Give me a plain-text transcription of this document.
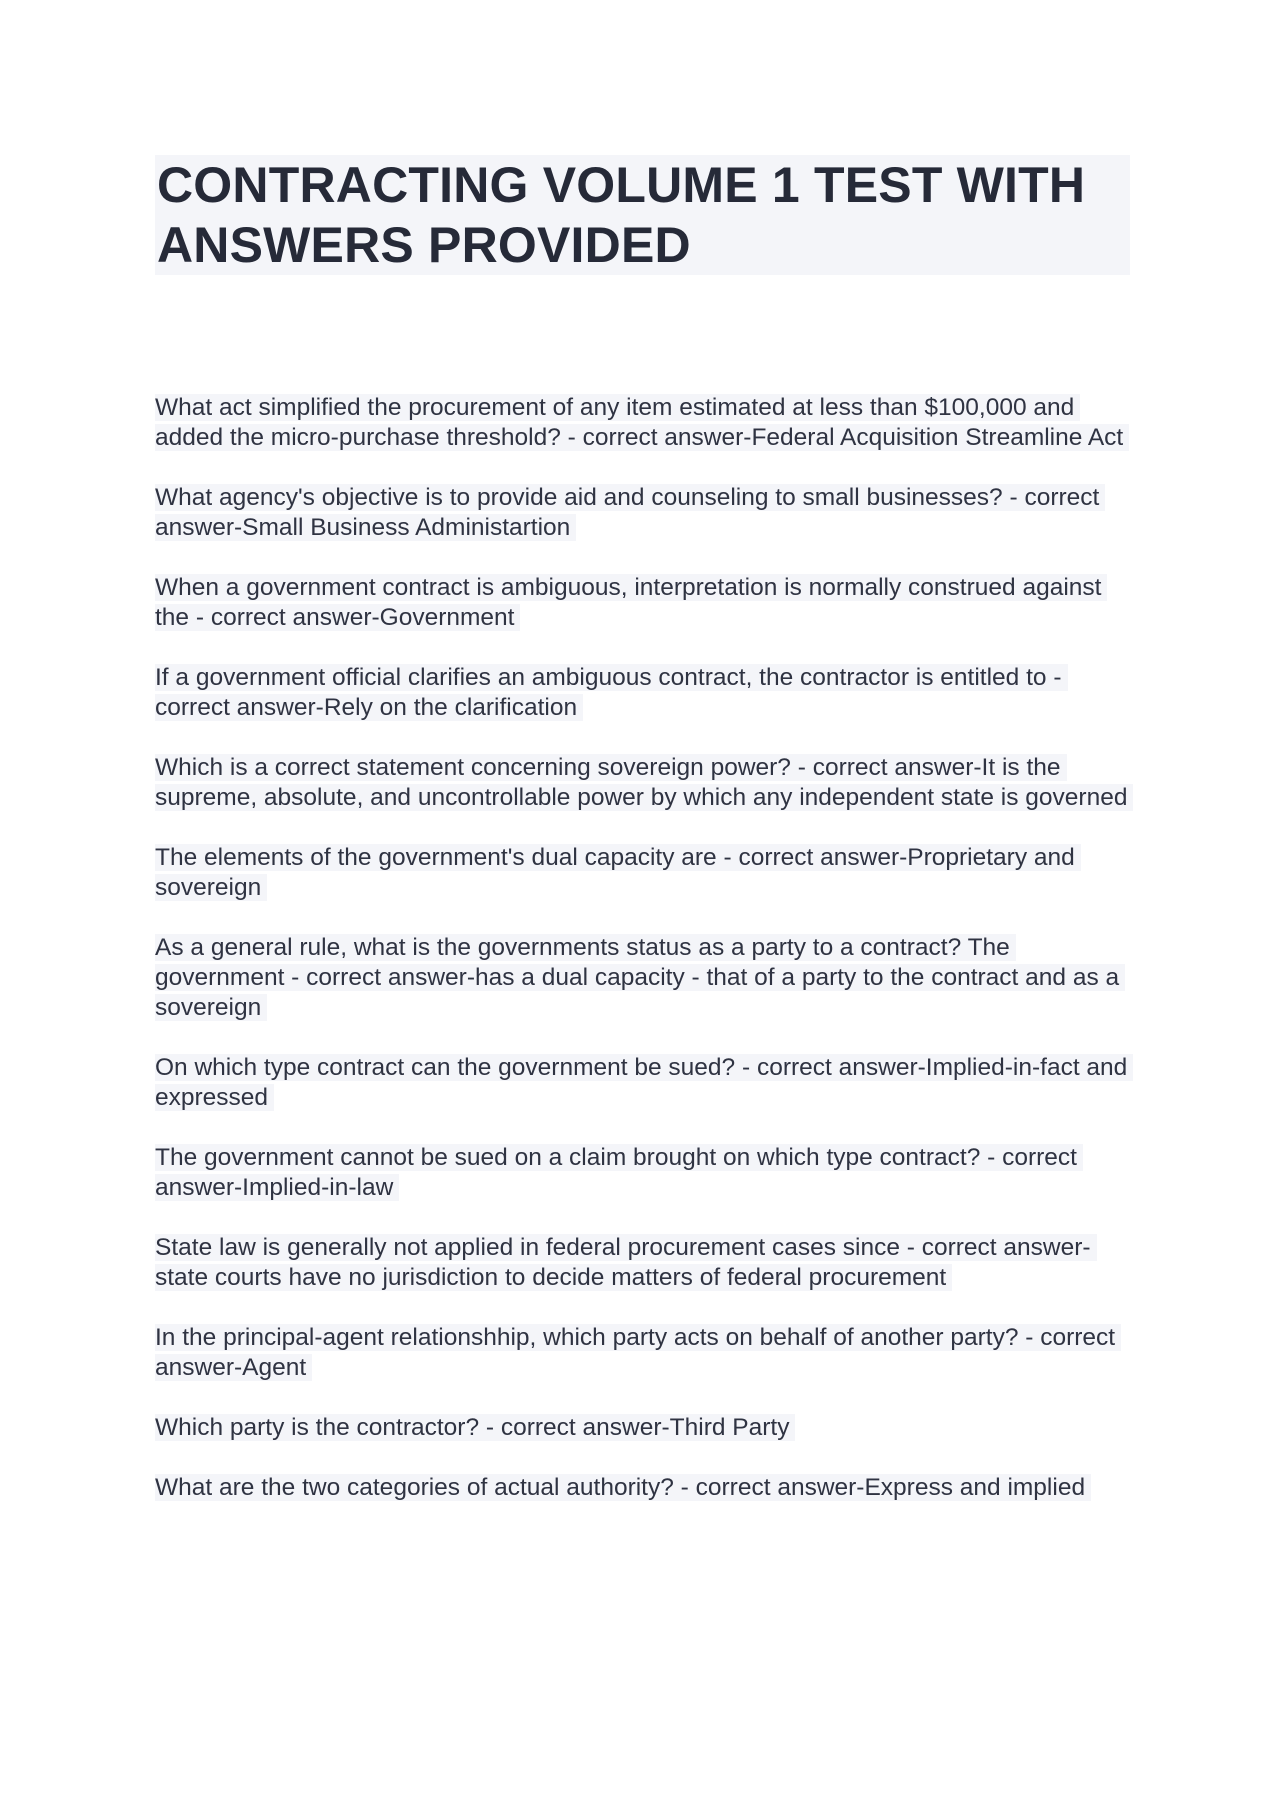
CONTRACTING VOLUME 1 TEST WITH ANSWERS PROVIDED

What act simplified the procurement of any item estimated at less than $100,000 and added the micro-purchase threshold? - correct answer-Federal Acquisition Streamline Act

What agency's objective is to provide aid and counseling to small businesses? - correct answer-Small Business Administartion

When a government contract is ambiguous, interpretation is normally construed against the - correct answer-Government

If a government official clarifies an ambiguous contract, the contractor is entitled to - correct answer-Rely on the clarification

Which is a correct statement concerning sovereign power? - correct answer-It is the supreme, absolute, and uncontrollable power by which any independent state is governed

The elements of the government's dual capacity are - correct answer-Proprietary and sovereign

As a general rule, what is the governments status as a party to a contract? The government - correct answer-has a dual capacity - that of a party to the contract and as a sovereign

On which type contract can the government be sued? - correct answer-Implied-in-fact and expressed

The government cannot be sued on a claim brought on which type contract? - correct answer-Implied-in-law

State law is generally not applied in federal procurement cases since - correct answer-state courts have no jurisdiction to decide matters of federal procurement

In the principal-agent relationshhip, which party acts on behalf of another party? - correct answer-Agent

Which party is the contractor? - correct answer-Third Party

What are the two categories of actual authority? - correct answer-Express and implied
